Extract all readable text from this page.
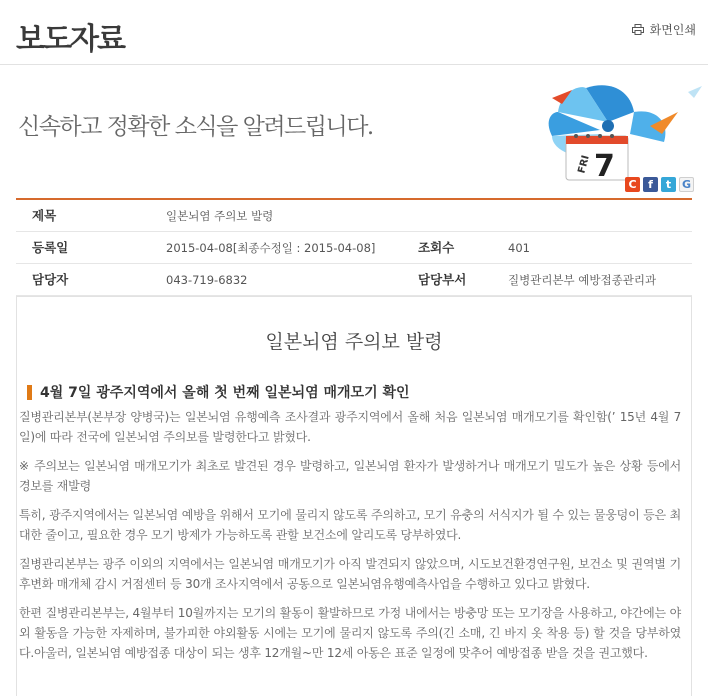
보도자료	화면인쇄
신속하고 정확한 소식을 알려드립니다.
FRI 7
C	f	t G
제목	일본뇌염 주의보 발령
등록일	2015-04-08[최종수정일 : 2015-04-08]	조회수	401
담당자	043-719-6832	담당부서	질병관리본부 예방접종관리과
일본뇌염 주의보 발령
4월 7일 광주지역에서 올해 첫 번째 일본뇌염 매개모기 확인

질병관리본부(본부장 양병국)는 일본뇌염 유행예측 조사결과 광주지역에서 올해 처음 일본뇌염 매개모기를 확인함(’ 15년 4월 7일)에 따라 전국에 일본뇌염 주의보를 발령한다고 밝혔다.

※ 주의보는 일본뇌염 매개모기가 최초로 발견된 경우 발령하고, 일본뇌염 환자가 발생하거나 매개모기 밀도가 높은 상황 등에서 경보를 재발령

특히, 광주지역에서는 일본뇌염 예방을 위해서 모기에 물리지 않도록 주의하고, 모기 유충의 서식지가 될 수 있는 물웅덩이 등은 최대한 줄이고, 필요한 경우 모기 방제가 가능하도록 관할 보건소에 알리도록 당부하였다.

질병관리본부는 광주 이외의 지역에서는 일본뇌염 매개모기가 아직 발견되지 않았으며, 시도보건환경연구원, 보건소 및 권역별 기후변화 매개체 감시 거점센터 등 30개 조사지역에서 공동으로 일본뇌염유행예측사업을 수행하고 있다고 밝혔다.

한편 질병관리본부는, 4월부터 10월까지는 모기의 활동이 활발하므로 가정 내에서는 방충망 또는 모기장을 사용하고, 야간에는 야외 활동을 가능한 자제하며, 불가피한 야외활동 시에는 모기에 물리지 않도록 주의(긴 소매, 긴 바지 옷 착용 등) 할 것을 당부하였다.아울러, 일본뇌염 예방접종 대상이 되는 생후 12개월~만 12세 아동은 표준 일정에 맞추어 예방접종 받을 것을 권고했다.
